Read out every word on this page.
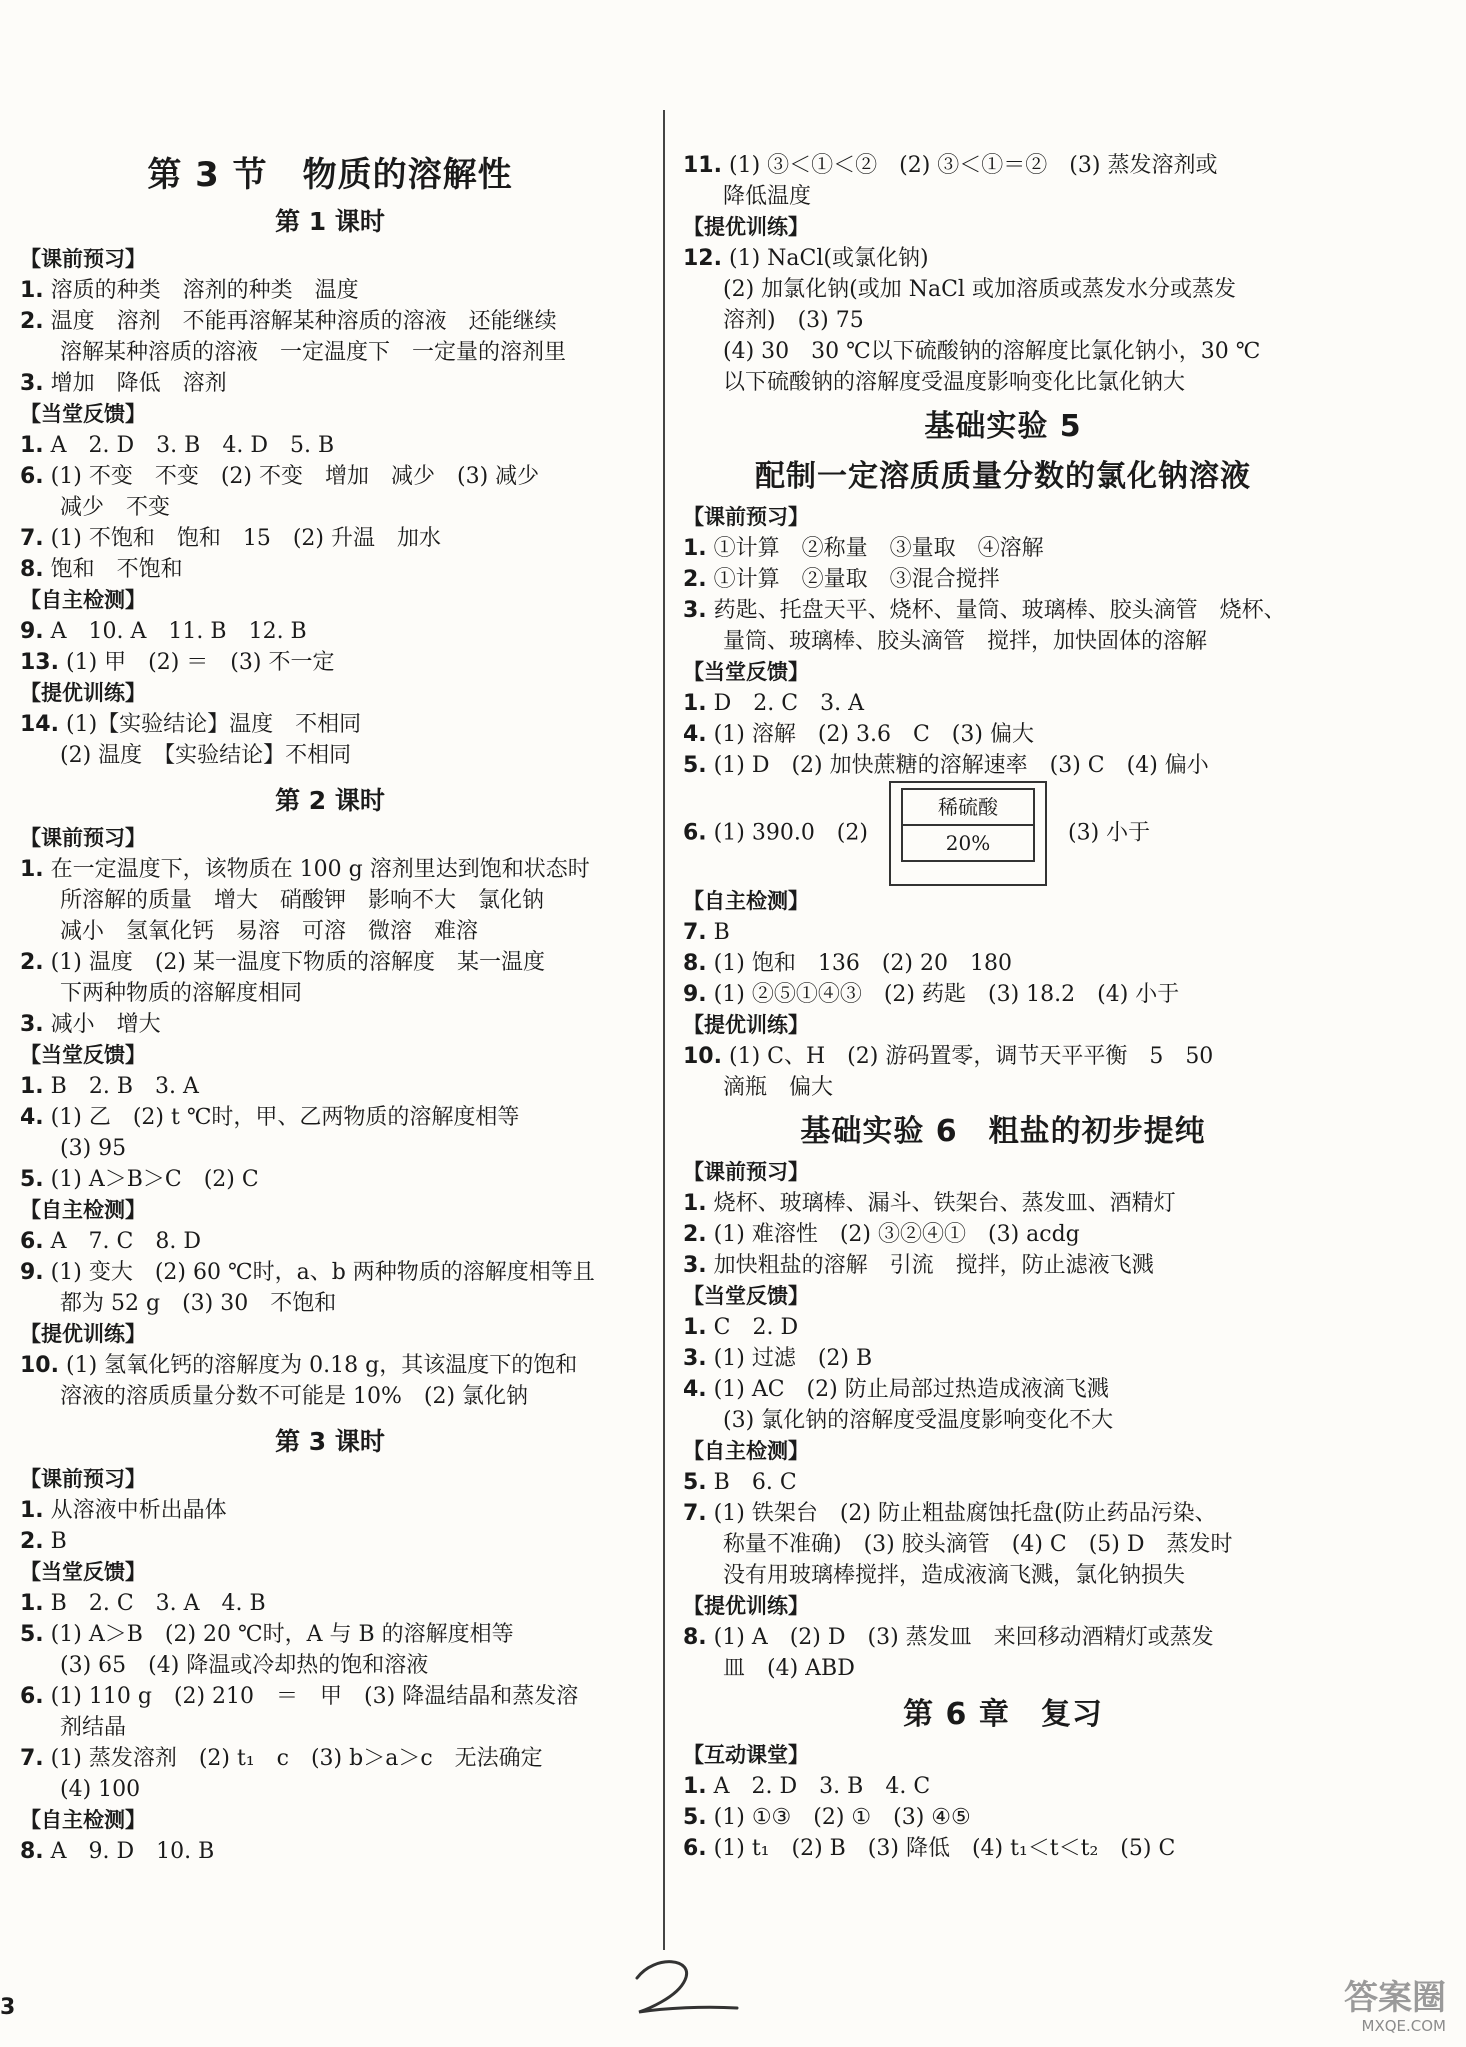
第 3 节　物质的溶解性
第 1 课时
【课前预习】
1. 溶质的种类　溶剂的种类　温度
2. 温度　溶剂　不能再溶解某种溶质的溶液　还能继续
溶解某种溶质的溶液　一定温度下　一定量的溶剂里
3. 增加　降低　溶剂
【当堂反馈】
1. A　2. D　3. B　4. D　5. B
6. (1) 不变　不变　(2) 不变　增加　减少　(3) 减少
减少　不变
7. (1) 不饱和　饱和　15　(2) 升温　加水
8. 饱和　不饱和
【自主检测】
9. A　10. A　11. B　12. B
13. (1) 甲　(2) ＝　(3) 不一定
【提优训练】
14. (1)【实验结论】温度　不相同
(2) 温度　【实验结论】不相同
第 2 课时
【课前预习】
1. 在一定温度下，该物质在 100 g 溶剂里达到饱和状态时
所溶解的质量　增大　硝酸钾　影响不大　氯化钠
减小　氢氧化钙　易溶　可溶　微溶　难溶
2. (1) 温度　(2) 某一温度下物质的溶解度　某一温度
下两种物质的溶解度相同
3. 减小　增大
【当堂反馈】
1. B　2. B　3. A
4. (1) 乙　(2) t ℃时，甲、乙两物质的溶解度相等
(3) 95
5. (1) A＞B＞C　(2) C
【自主检测】
6. A　7. C　8. D
9. (1) 变大　(2) 60 ℃时，a、b 两种物质的溶解度相等且
都为 52 g　(3) 30　不饱和
【提优训练】
10. (1) 氢氧化钙的溶解度为 0.18 g，其该温度下的饱和
溶液的溶质质量分数不可能是 10%　(2) 氯化钠
第 3 课时
【课前预习】
1. 从溶液中析出晶体
2. B
【当堂反馈】
1. B　2. C　3. A　4. B
5. (1) A＞B　(2) 20 ℃时，A 与 B 的溶解度相等
(3) 65　(4) 降温或冷却热的饱和溶液
6. (1) 110 g　(2) 210　＝　甲　(3) 降温结晶和蒸发溶
剂结晶
7. (1) 蒸发溶剂　(2) t₁　c　(3) b＞a＞c　无法确定
(4) 100
【自主检测】
8. A　9. D　10. B
11. (1) ③＜①＜②　(2) ③＜①＝②　(3) 蒸发溶剂或
降低温度
【提优训练】
12. (1) NaCl(或氯化钠)
(2) 加氯化钠(或加 NaCl 或加溶质或蒸发水分或蒸发
溶剂)　(3) 75
(4) 30　30 ℃以下硫酸钠的溶解度比氯化钠小，30 ℃
以下硫酸钠的溶解度受温度影响变化比氯化钠大
基础实验 5
配制一定溶质质量分数的氯化钠溶液
【课前预习】
1. ①计算　②称量　③量取　④溶解
2. ①计算　②量取　③混合搅拌
3. 药匙、托盘天平、烧杯、量筒、玻璃棒、胶头滴管　烧杯、
量筒、玻璃棒、胶头滴管　搅拌，加快固体的溶解
【当堂反馈】
1. D　2. C　3. A
4. (1) 溶解　(2) 3.6　C　(3) 偏大
5. (1) D　(2) 加快蔗糖的溶解速率　(3) C　(4) 偏小
6. (1) 390.0　(2)
稀硫酸
20%	(3) 小于
【自主检测】
7. B
8. (1) 饱和　136　(2) 20　180
9. (1) ②⑤①④③　(2) 药匙　(3) 18.2　(4) 小于
【提优训练】
10. (1) C、H　(2) 游码置零，调节天平平衡　5　50
滴瓶　偏大
基础实验 6　粗盐的初步提纯
【课前预习】
1. 烧杯、玻璃棒、漏斗、铁架台、蒸发皿、酒精灯
2. (1) 难溶性　(2) ③②④①　(3) acdg
3. 加快粗盐的溶解　引流　搅拌，防止滤液飞溅
【当堂反馈】
1. C　2. D
3. (1) 过滤　(2) B
4. (1) AC　(2) 防止局部过热造成液滴飞溅
(3) 氯化钠的溶解度受温度影响变化不大
【自主检测】
5. B　6. C
7. (1) 铁架台　(2) 防止粗盐腐蚀托盘(防止药品污染、
称量不准确)　(3) 胶头滴管　(4) C　(5) D　蒸发时
没有用玻璃棒搅拌，造成液滴飞溅，氯化钠损失
【提优训练】
8. (1) A　(2) D　(3) 蒸发皿　来回移动酒精灯或蒸发
皿　(4) ABD
第 6 章　复习
【互动课堂】
1. A　2. D　3. B　4. C
5. (1) ①③　(2) ①　(3) ④⑤
6. (1) t₁　(2) B　(3) 降低　(4) t₁＜t＜t₂　(5) C
3	答案圈
MXQE.COM
